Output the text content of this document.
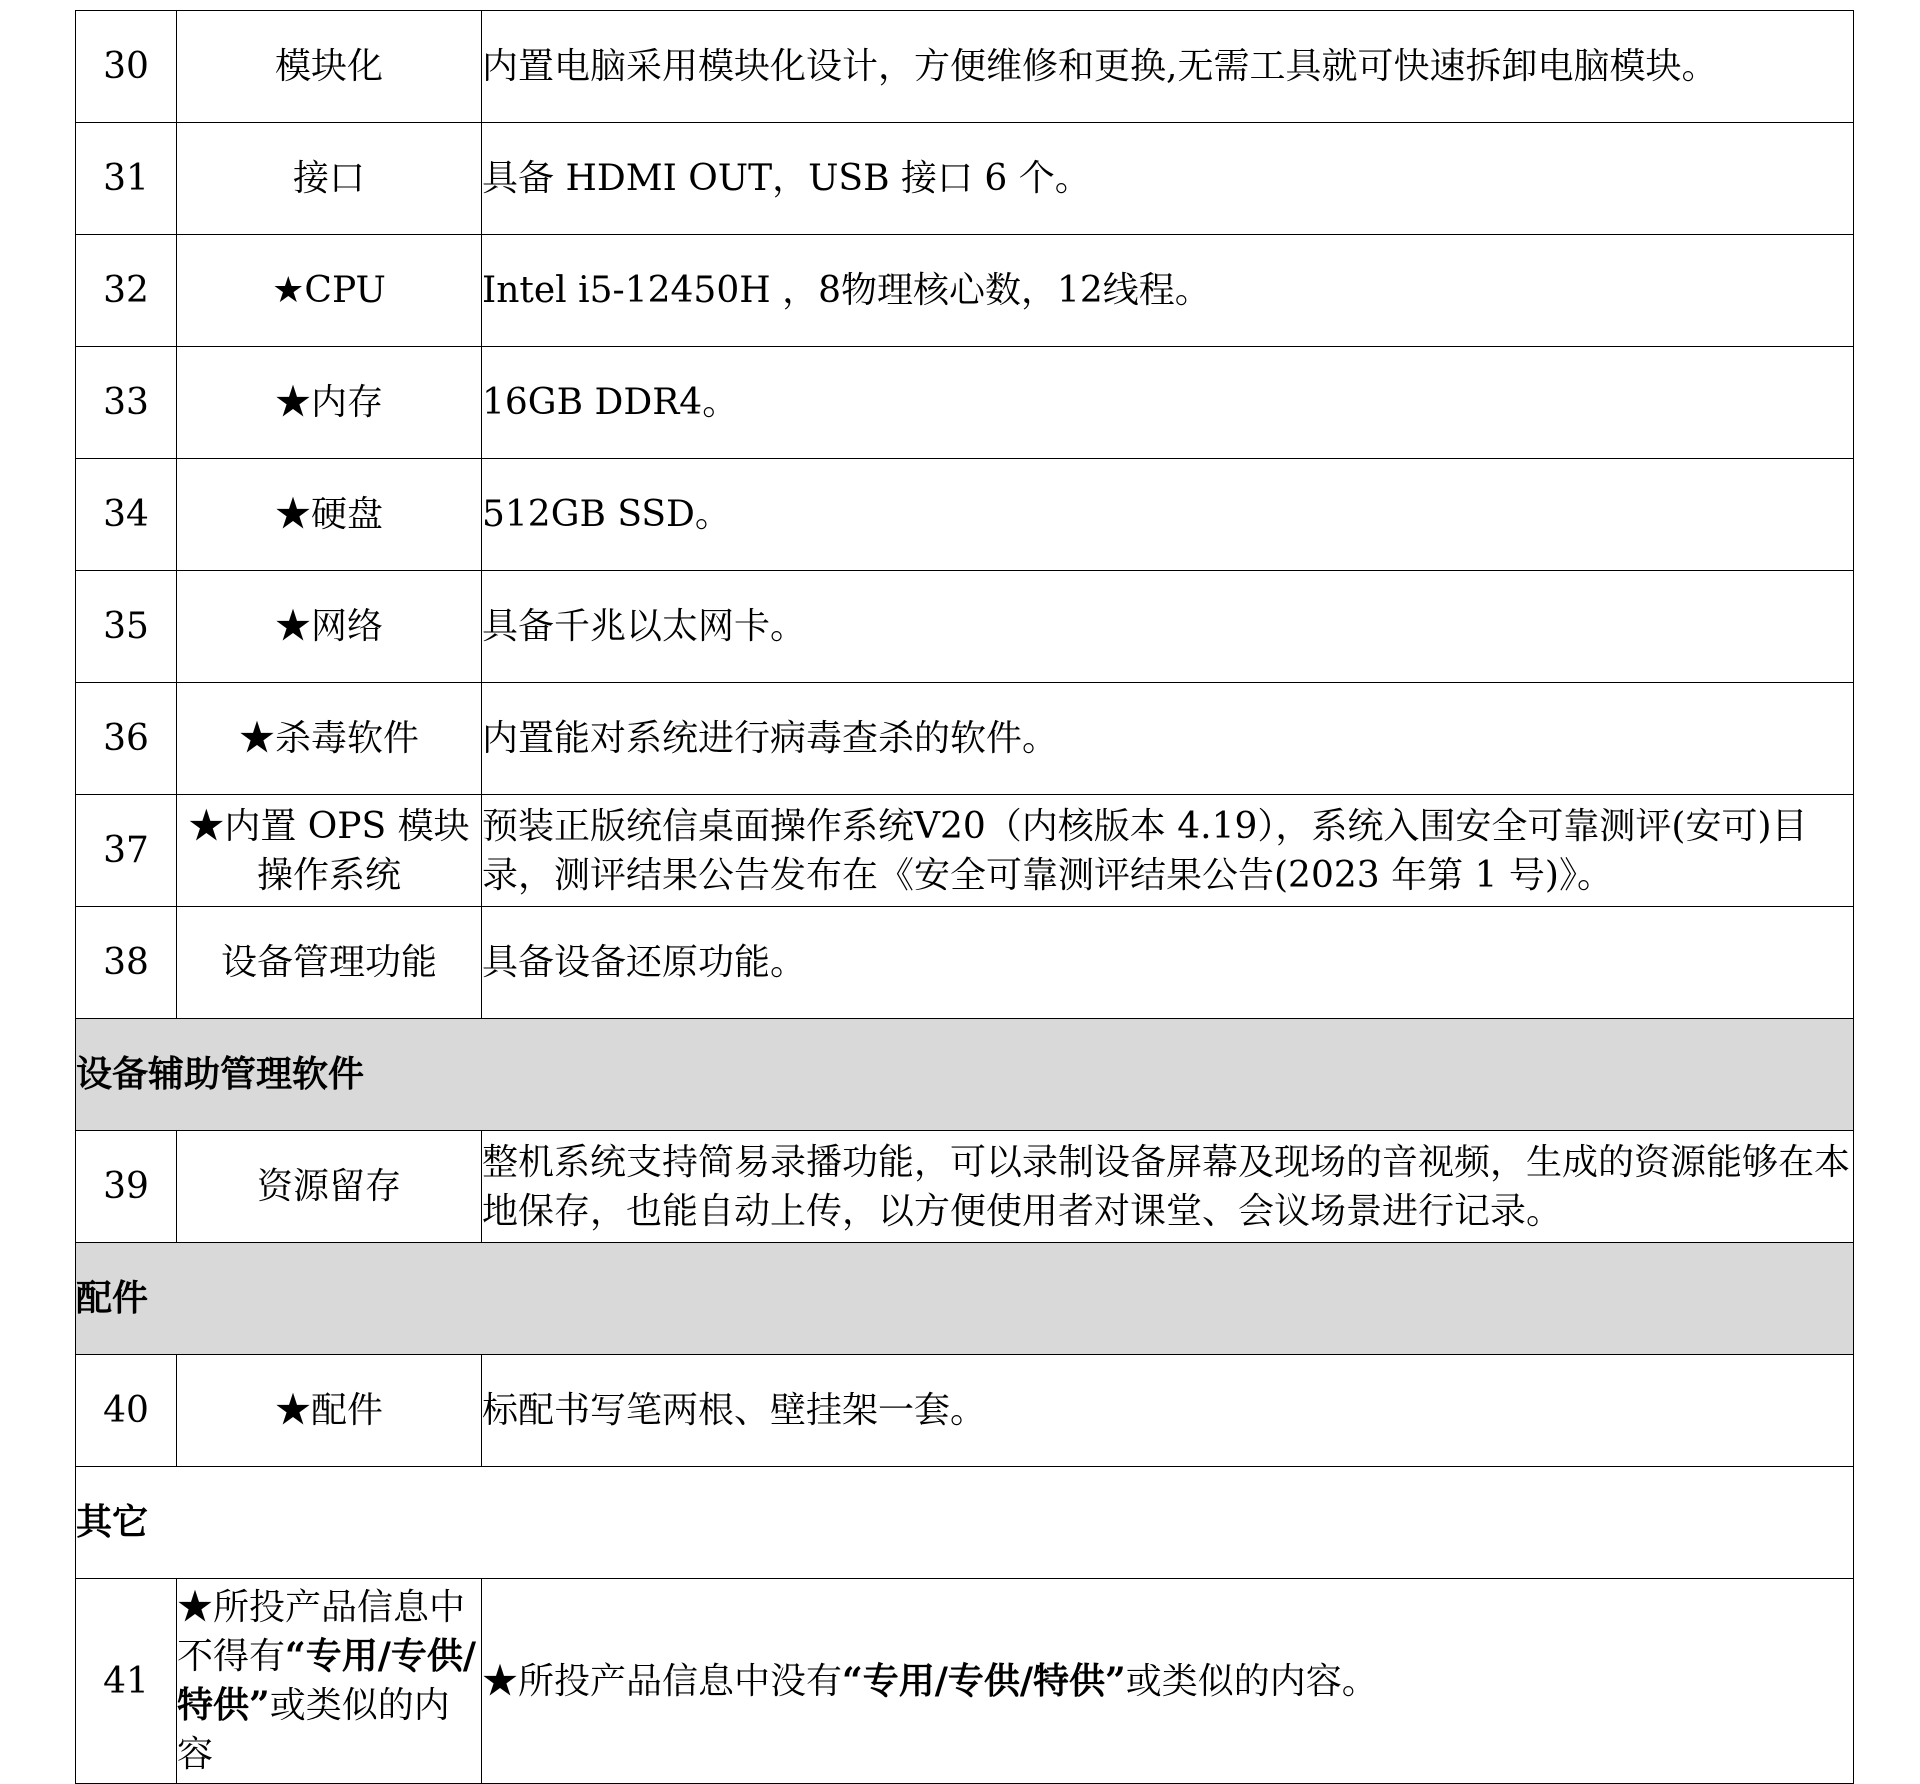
30	模块化	内置电脑采用模块化设计，方便维修和更换,无需工具就可快速拆卸电脑模块。
31	接口	具备 HDMI OUT，USB 接口 6 个。
32	★CPU	Intel i5-12450H ，8物理核心数，12线程。
33	★内存	16GB DDR4。
34	★硬盘	512GB SSD。
35	★网络	具备千兆以太网卡。
36	★杀毒软件	内置能对系统进行病毒查杀的软件。
37	★内置 OPS 模块操作系统	预装正版统信桌面操作系统V20（内核版本 4.19），系统入围安全可靠测评(安可)目录，测评结果公告发布在《安全可靠测评结果公告(2023 年第 1 号)》。
38	设备管理功能	具备设备还原功能。
设备辅助管理软件		
39	资源留存	整机系统支持简易录播功能，可以录制设备屏幕及现场的音视频，生成的资源能够在本地保存，也能自动上传，以方便使用者对课堂、会议场景进行记录。
配件		
40	★配件	标配书写笔两根、壁挂架一套。
其它		
41	★所投产品信息中不得有“专用/专供/特供”或类似的内容	★所投产品信息中没有“专用/专供/特供”或类似的内容。
